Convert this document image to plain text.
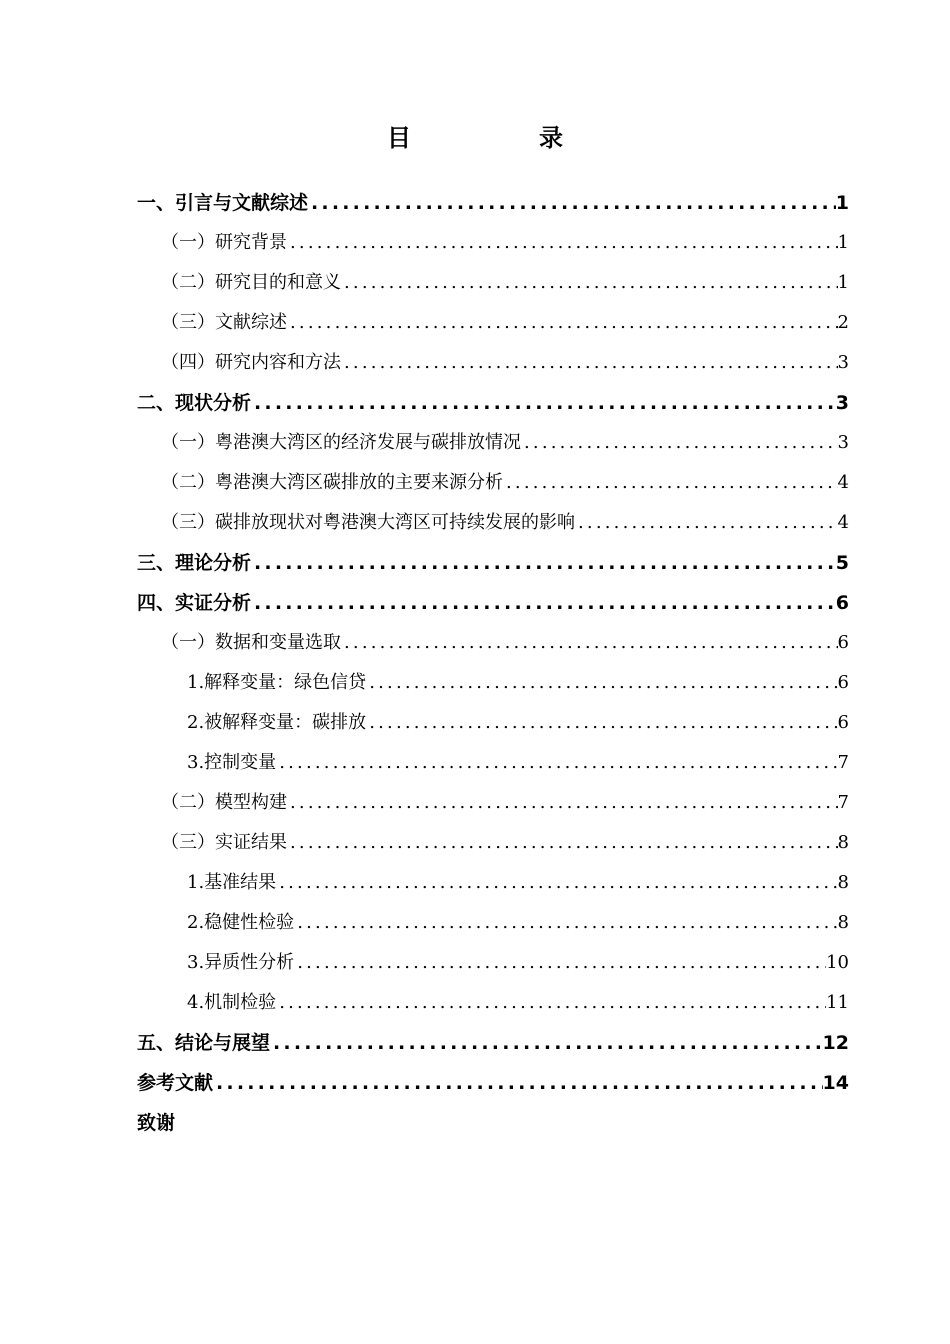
目　录
一、引言与文献综述 .....	1
（一）研究背景 .....	1
（二）研究目的和意义 .....	1
（三）文献综述 .....	2
（四）研究内容和方法 .....	3
二、现状分析 .....	3
（一）粤港澳大湾区的经济发展与碳排放情况 .....	3
（二）粤港澳大湾区碳排放的主要来源分析 .....	4
（三）碳排放现状对粤港澳大湾区可持续发展的影响 .....	4
三、理论分析 .....	5
四、实证分析 .....	6
（一）数据和变量选取 .....	6
1.解释变量：绿色信贷 .....	6
2.被解释变量：碳排放 .....	6
3.控制变量 .....	7
（二）模型构建 .....	7
（三）实证结果 .....	8
1.基准结果 .....	8
2.稳健性检验 .....	8
3.异质性分析 .....	10
4.机制检验 .....	11
五、结论与展望 .....	12
参考文献 .....	14
致谢
